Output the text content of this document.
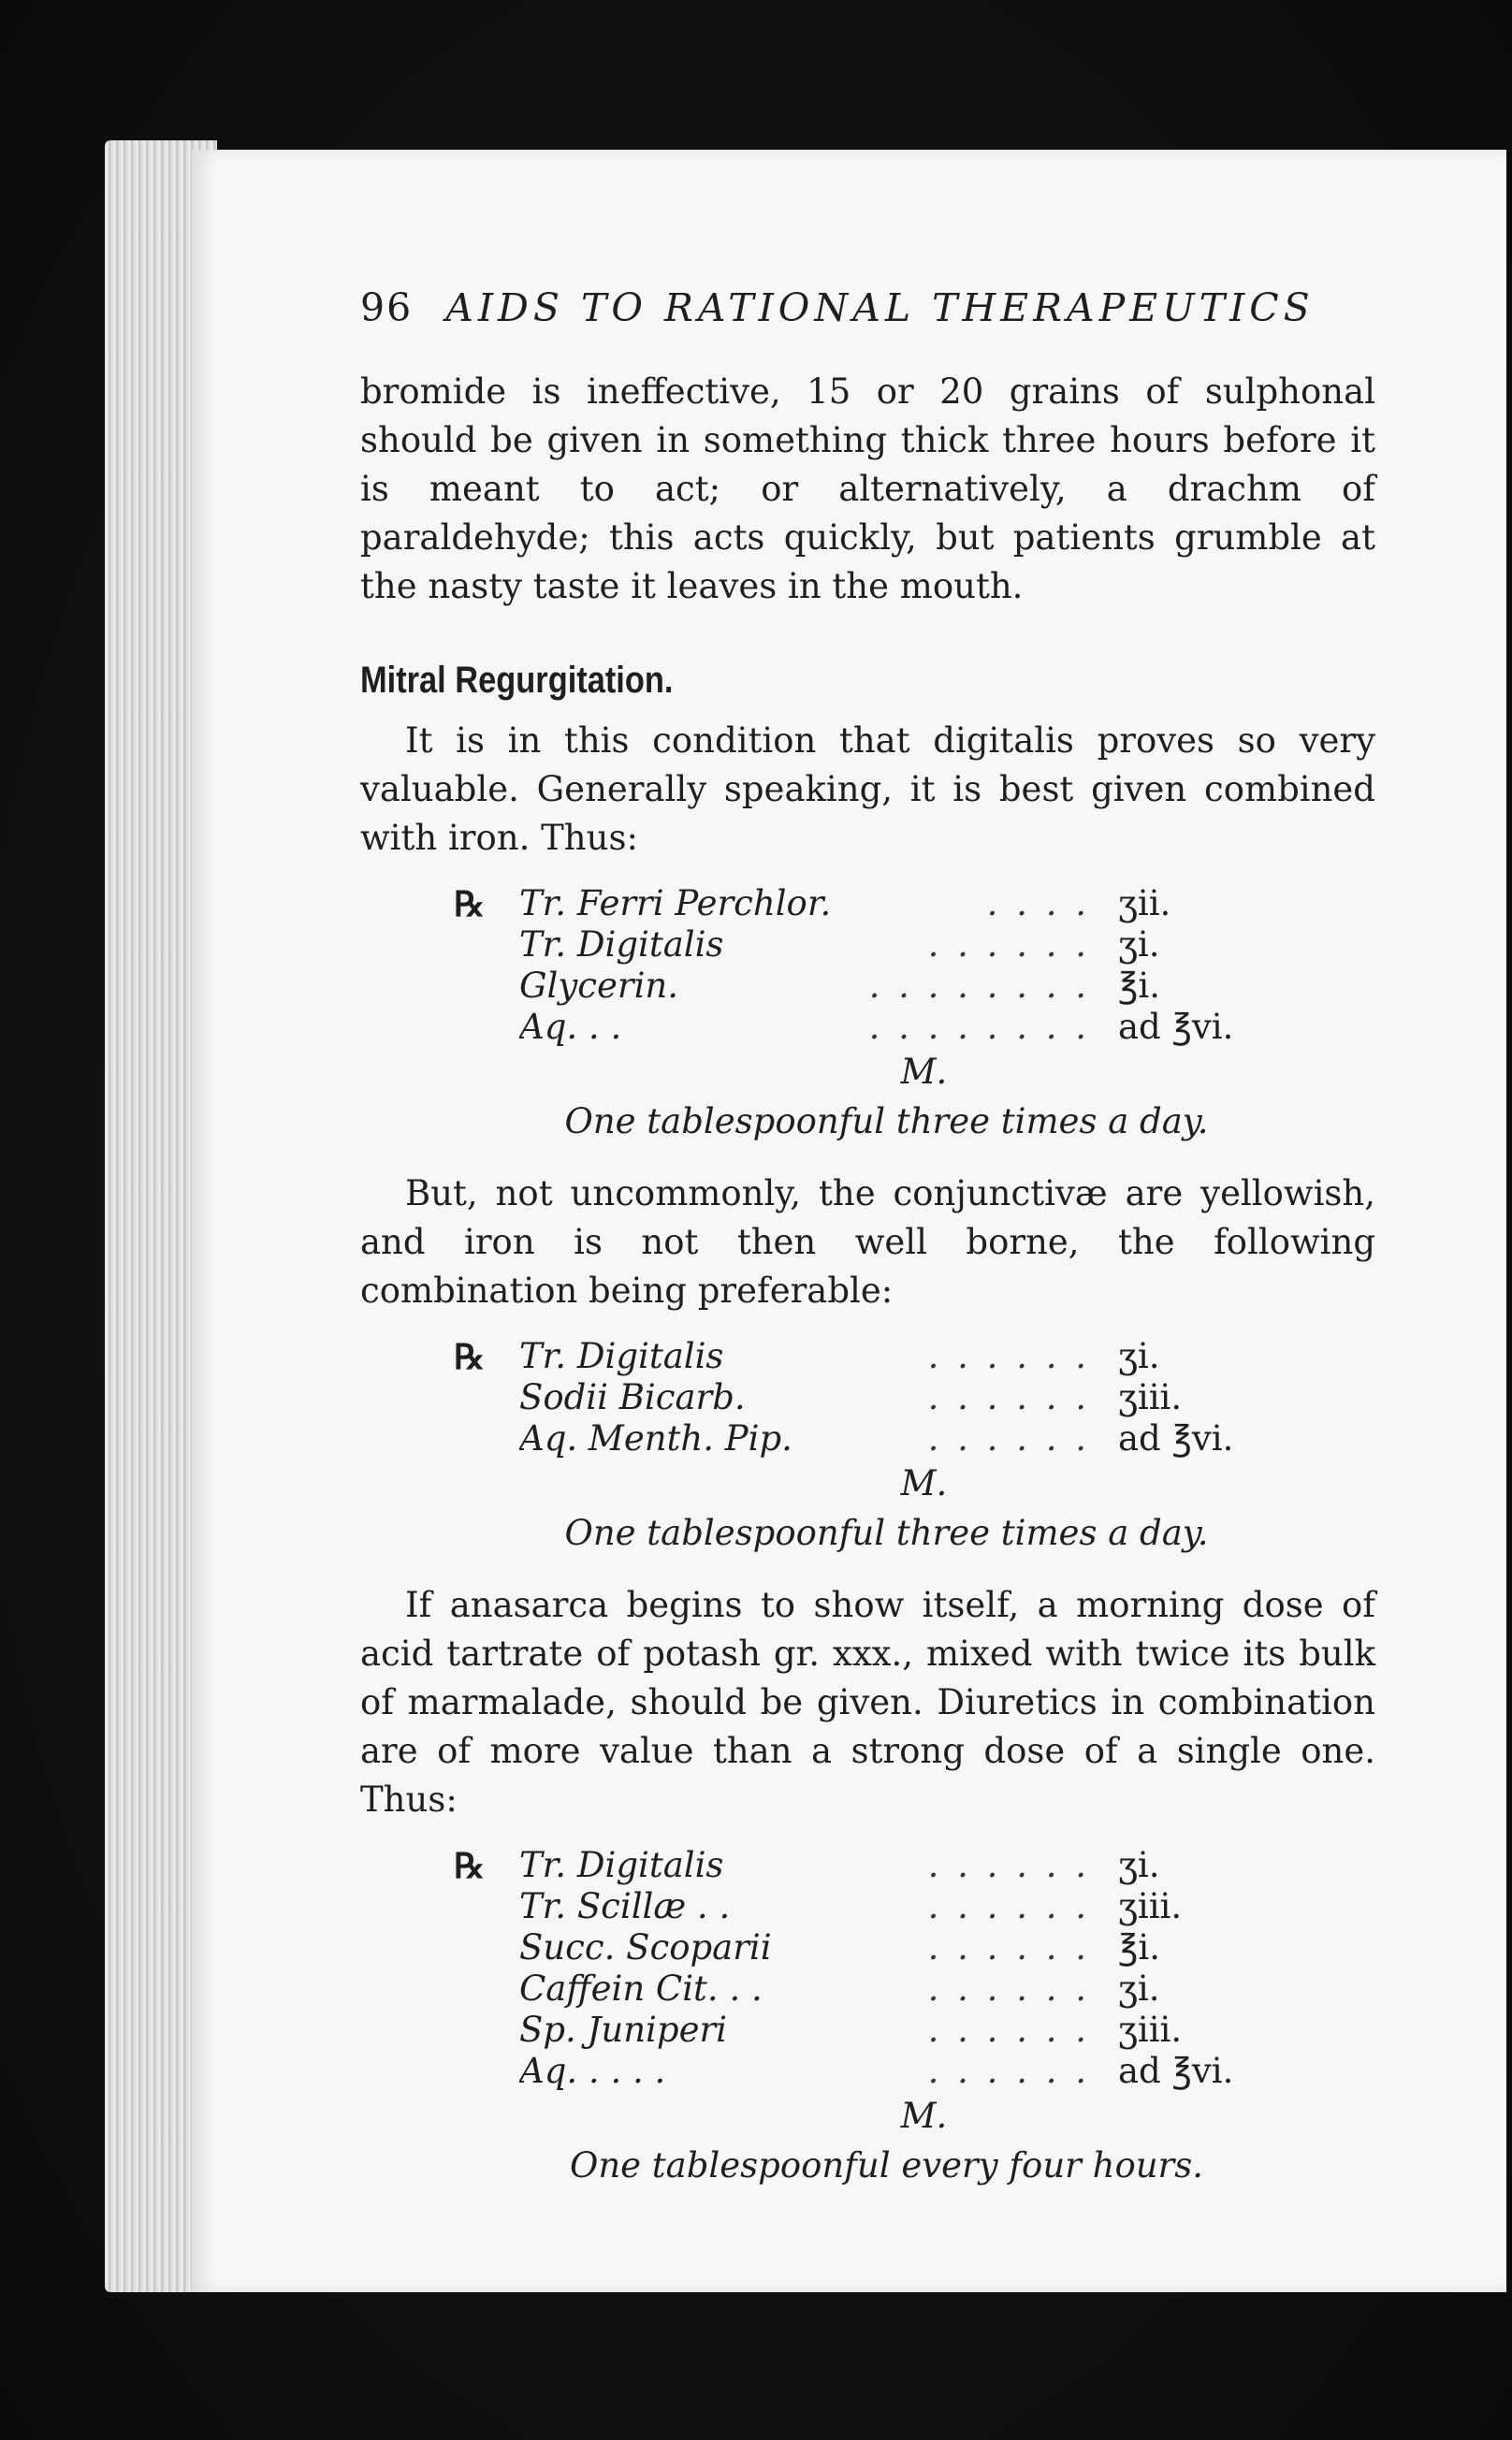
96 AIDS TO RATIONAL THERAPEUTICS

bromide is ineffective, 15 or 20 grains of sulphonal should be given in something thick three hours before it is meant to act; or alternatively, a drachm of paraldehyde; this acts quickly, but patients grumble at the nasty taste it leaves in the mouth.

Mitral Regurgitation.

It is in this condition that digitalis proves so very valuable. Generally speaking, it is best given combined with iron. Thus:

℞ Tr. Ferri Perchlor.	. . . . ʒii.
Tr. Digitalis	. . . . . . ʒi.
Glycerin.	. . . . . . . . ℥i.
Aq. . .	. . . . . . . . ad ℥vi.
M.
One tablespoonful three times a day.

But, not uncommonly, the conjunctivæ are yellowish, and iron is not then well borne, the following combination being preferable:

℞ Tr. Digitalis	. . . . . . ʒi.
Sodii Bicarb.	. . . . . . ʒiii.
Aq. Menth. Pip.	. . . . . . ad ℥vi.
M.
One tablespoonful three times a day.

If anasarca begins to show itself, a morning dose of acid tartrate of potash gr. xxx., mixed with twice its bulk of marmalade, should be given. Diuretics in combination are of more value than a strong dose of a single one. Thus:

℞ Tr. Digitalis	. . . . . . ʒi.
Tr. Scillæ . .	. . . . . . ʒiii.
Succ. Scoparii	. . . . . . ℥i.
Caffein Cit. . .	. . . . . . ʒi.
Sp. Juniperi	. . . . . . ʒiii.
Aq. . . . .	. . . . . . ad ℥vi.
M.
One tablespoonful every four hours.
